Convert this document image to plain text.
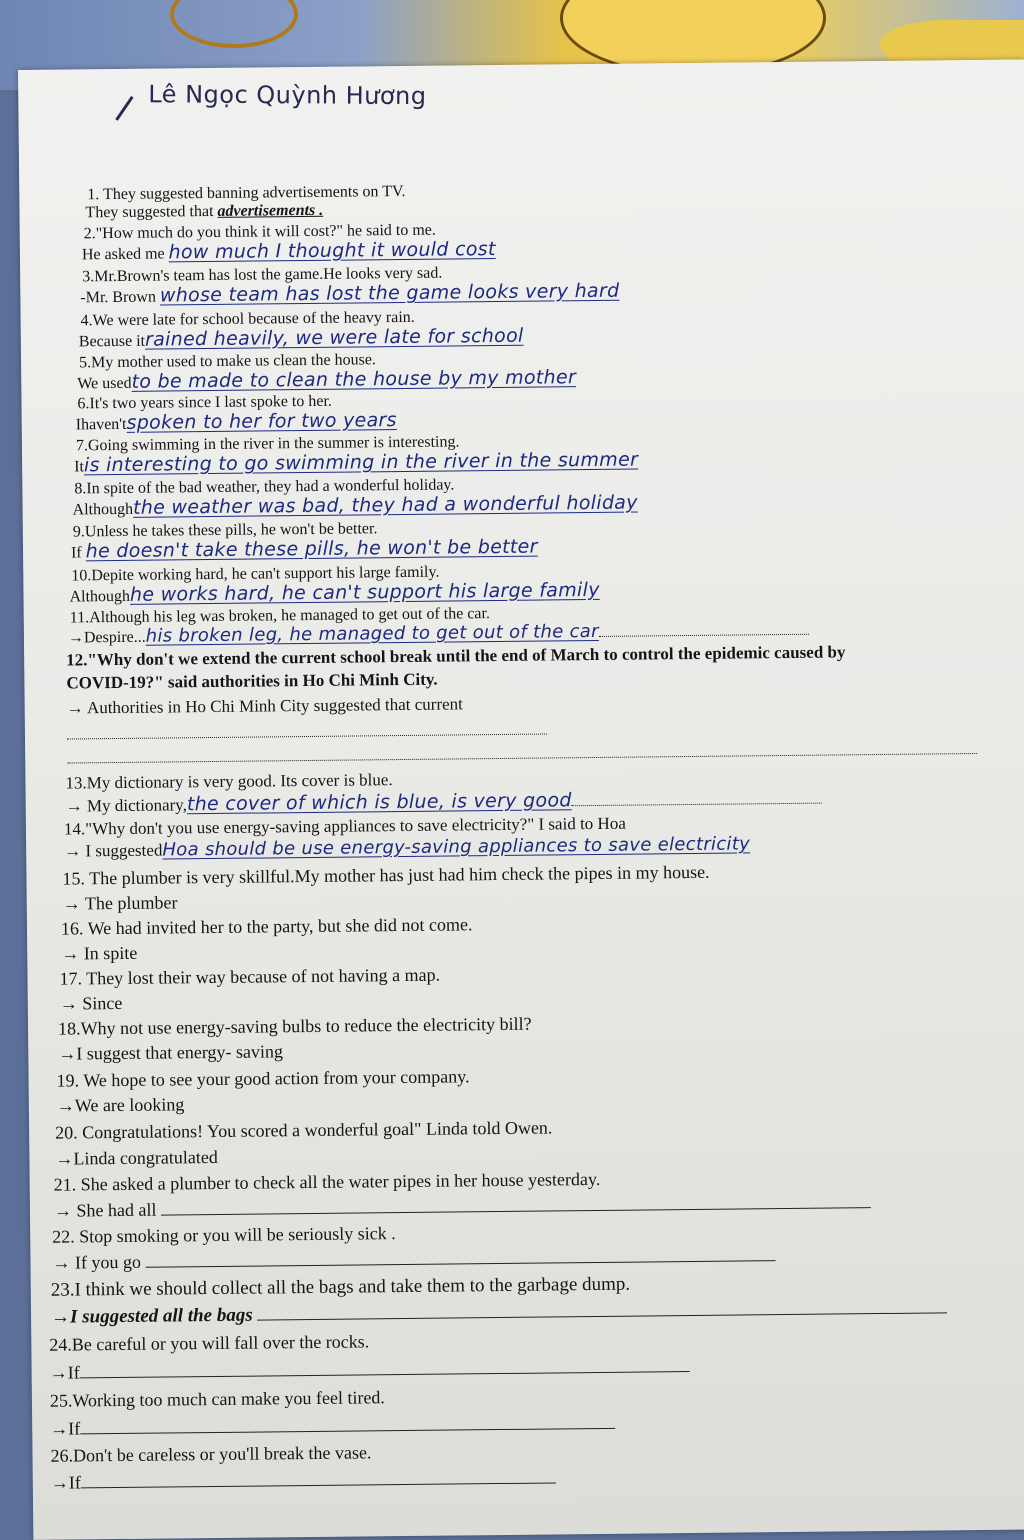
Lê Ngọc Quỳnh Hương
1. They suggested banning advertisements on TV.
They suggested that advertisements .
2."How much do you think it will cost?" he said to me.
He asked me how much I thought it would cost
3.Mr.Brown's team has lost the game.He looks very sad.
-Mr. Brown whose team has lost the game looks very hard
4.We were late for school because of the heavy rain.
Because itrained heavily, we were late for school
5.My mother used to make us clean the house.
We usedto be made to clean the house by my mother
6.It's two years since I last spoke to her.
Ihaven'tspoken to her for two years
7.Going swimming in the river in the summer is interesting.
Itis interesting to go swimming in the river in the summer
8.In spite of the bad weather, they had a wonderful holiday.
Althoughthe weather was bad, they had a wonderful holiday
9.Unless he takes these pills, he won't be better.
If he doesn't take these pills, he won't be better
10.Depite working hard, he can't support his large family.
Althoughhe works hard, he can't support his large family
11.Although his leg was broken, he managed to get out of the car.
→Despire...his broken leg, he managed to get out of the car
12."Why don't we extend the current school break until the end of March to control the epidemic caused by
COVID-19?" said authorities in Ho Chi Minh City.
→ Authorities in Ho Chi Minh City suggested that current
13.My dictionary is very good. Its cover is blue.
→ My dictionary,the cover of which is blue, is very good
14."Why don't you use energy-saving appliances to save electricity?" I said to Hoa
→ I suggestedHoa should be use energy-saving appliances to save electricity
15. The plumber is very skillful.My mother has just had him check the pipes in my house.
→ The plumber
16. We had invited her to the party, but she did not come.
→ In spite
17. They lost their way because of not having a map.
→ Since
18.Why not use energy-saving bulbs to reduce the electricity bill?
→I suggest that energy- saving
19. We hope to see your good action from your company.
→We are looking
20. Congratulations! You scored a wonderful goal" Linda told Owen.
→Linda congratulated
21. She asked a plumber to check all the water pipes in her house yesterday.
→ She had all
22. Stop smoking or you will be seriously sick .
→ If you go
23.I think we should collect all the bags and take them to the garbage dump.
→I suggested all the bags
24.Be careful or you will fall over the rocks.
→If
25.Working too much can make you feel tired.
→If
26.Don't be careless or you'll break the vase.
→If
